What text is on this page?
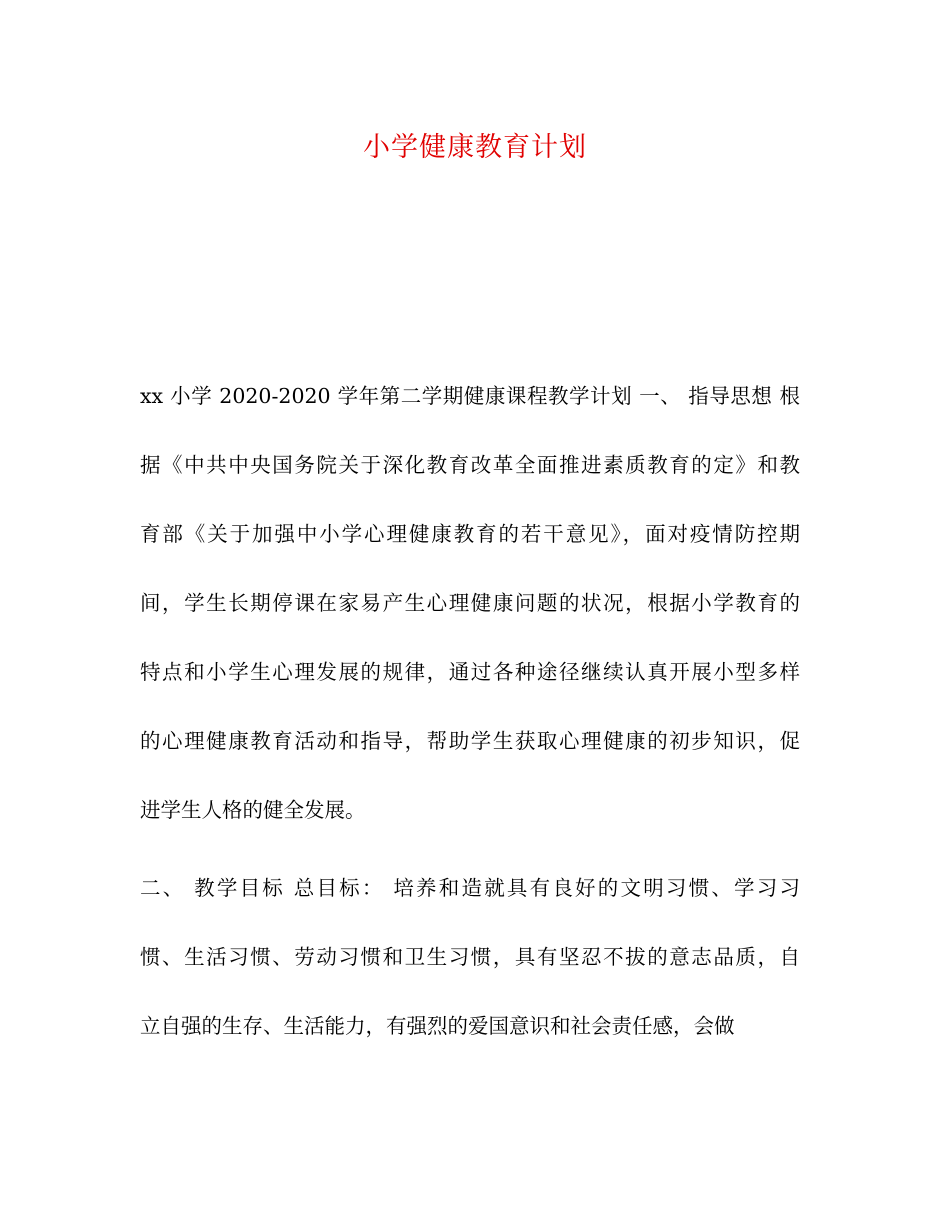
小学健康教育计划
xx 小学 2020-2020 学年第二学期健康课程教学计划 一、 指导思想 根
据《中共中央国务院关于深化教育改革全面推进素质教育的定》和教
育部《关于加强中小学心理健康教育的若干意见》，面对疫情防控期
间，学生长期停课在家易产生心理健康问题的状况，根据小学教育的
特点和小学生心理发展的规律，通过各种途径继续认真开展小型多样
的心理健康教育活动和指导，帮助学生获取心理健康的初步知识，促
进学生人格的健全发展。
二、 教学目标 总目标： 培养和造就具有良好的文明习惯、学习习
惯、生活习惯、劳动习惯和卫生习惯，具有坚忍不拔的意志品质，自
立自强的生存、生活能力，有强烈的爱国意识和社会责任感，会做
